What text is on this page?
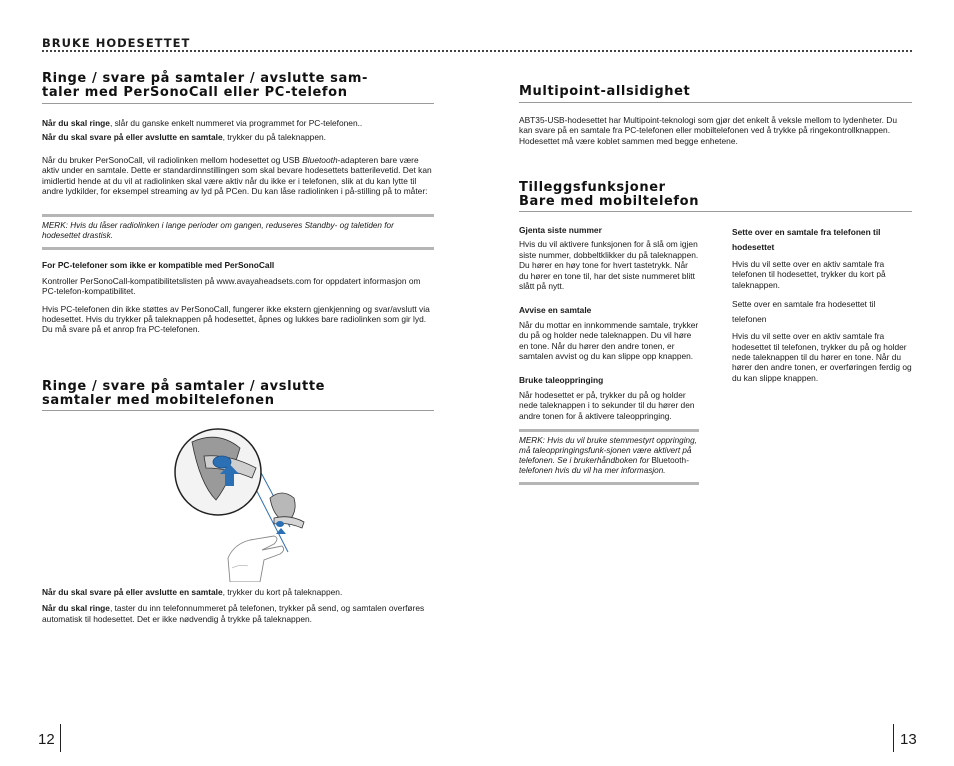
BRUKE HODESETTET
Ringe / svare på samtaler / avslutte sam-
taler med PerSonoCall eller PC-telefon

Når du skal ringe, slår du ganske enkelt nummeret via programmet for PC-telefonen..

Når du skal svare på eller avslutte en samtale, trykker du på taleknappen.

Når du bruker PerSonoCall, vil radiolinken mellom hodesettet og USB Bluetooth-adapteren bare være aktiv under en samtale. Dette er standardinnstillingen som skal bevare hodesettets batterilevetid. Det kan imidlertid hende at du vil at radiolinken skal være aktiv når du ikke er i telefonen, slik at du kan lytte til andre lydkilder, for eksempel streaming av lyd på PCen. Du kan låse radiolinken i på-stilling på to måter:

MERK: Hvis du låser radiolinken i lange perioder om gangen, reduseres Standby- og taletiden for hodesettet drastisk.

For PC-telefoner som ikke er kompatible med PerSonoCall

Kontroller PerSonoCall-kompatibilitetslisten på www.avayaheadsets.com for oppdatert informasjon om PC-telefon-kompatibilitet.

Hvis PC-telefonen din ikke støttes av PerSonoCall, fungerer ikke ekstern gjenkjenning og svar/avslutt via hodesettet. Hvis du trykker på taleknappen på hodesettet, åpnes og lukkes bare radiolinken som gir lyd. Du må svare på et anrop fra PC-telefonen.

Ringe / svare på samtaler / avslutte
samtaler med mobiltelefonen

Når du skal svare på eller avslutte en samtale, trykker du kort på taleknappen.

Når du skal ringe, taster du inn telefonnummeret på telefonen, trykker på send, og samtalen overføres automatisk til hodesettet. Det er ikke nødvendig å trykke på taleknappen.

12
Multipoint-allsidighet

ABT35-USB-hodesettet har Multipoint-teknologi som gjør det enkelt å veksle mellom to lydenheter. Du kan svare på en samtale fra PC-telefonen eller mobiltelefonen ved å trykke på ringekontrollknappen. Hodesettet må være koblet sammen med begge enhetene.

Tilleggsfunksjoner
Bare med mobiltelefon

Gjenta siste nummer

Hvis du vil aktivere funksjonen for å slå om igjen siste nummer, dobbeltklikker du på taleknappen. Du hører en høy tone for hvert tastetrykk. Når du hører en tone til, har det siste nummeret blitt slått på nytt.

Avvise en samtale

Når du mottar en innkommende samtale, trykker du på og holder nede taleknappen. Du vil høre en tone. Når du hører den andre tonen, er samtalen avvist og du kan slippe opp knappen.

Bruke taleoppringing

Når hodesettet er på, trykker du på og holder nede taleknappen i to sekunder til du hører den andre tonen for å aktivere taleoppringing.

MERK: Hvis du vil bruke stemmestyrt oppringing, må taleoppringingsfunk-sjonen være aktivert på telefonen. Se i brukerhåndboken for Bluetooth-telefonen hvis du vil ha mer informasjon.

Sette over en samtale fra telefonen til hodesettet

Hvis du vil sette over en aktiv samtale fra telefonen til hodesettet, trykker du kort på taleknappen.

Sette over en samtale fra hodesettet til telefonen

Hvis du vil sette over en aktiv samtale fra hodesettet til telefonen, trykker du på og holder nede taleknappen til du hører en tone. Når du hører den andre tonen, er overføringen ferdig og du kan slippe knappen.

13
